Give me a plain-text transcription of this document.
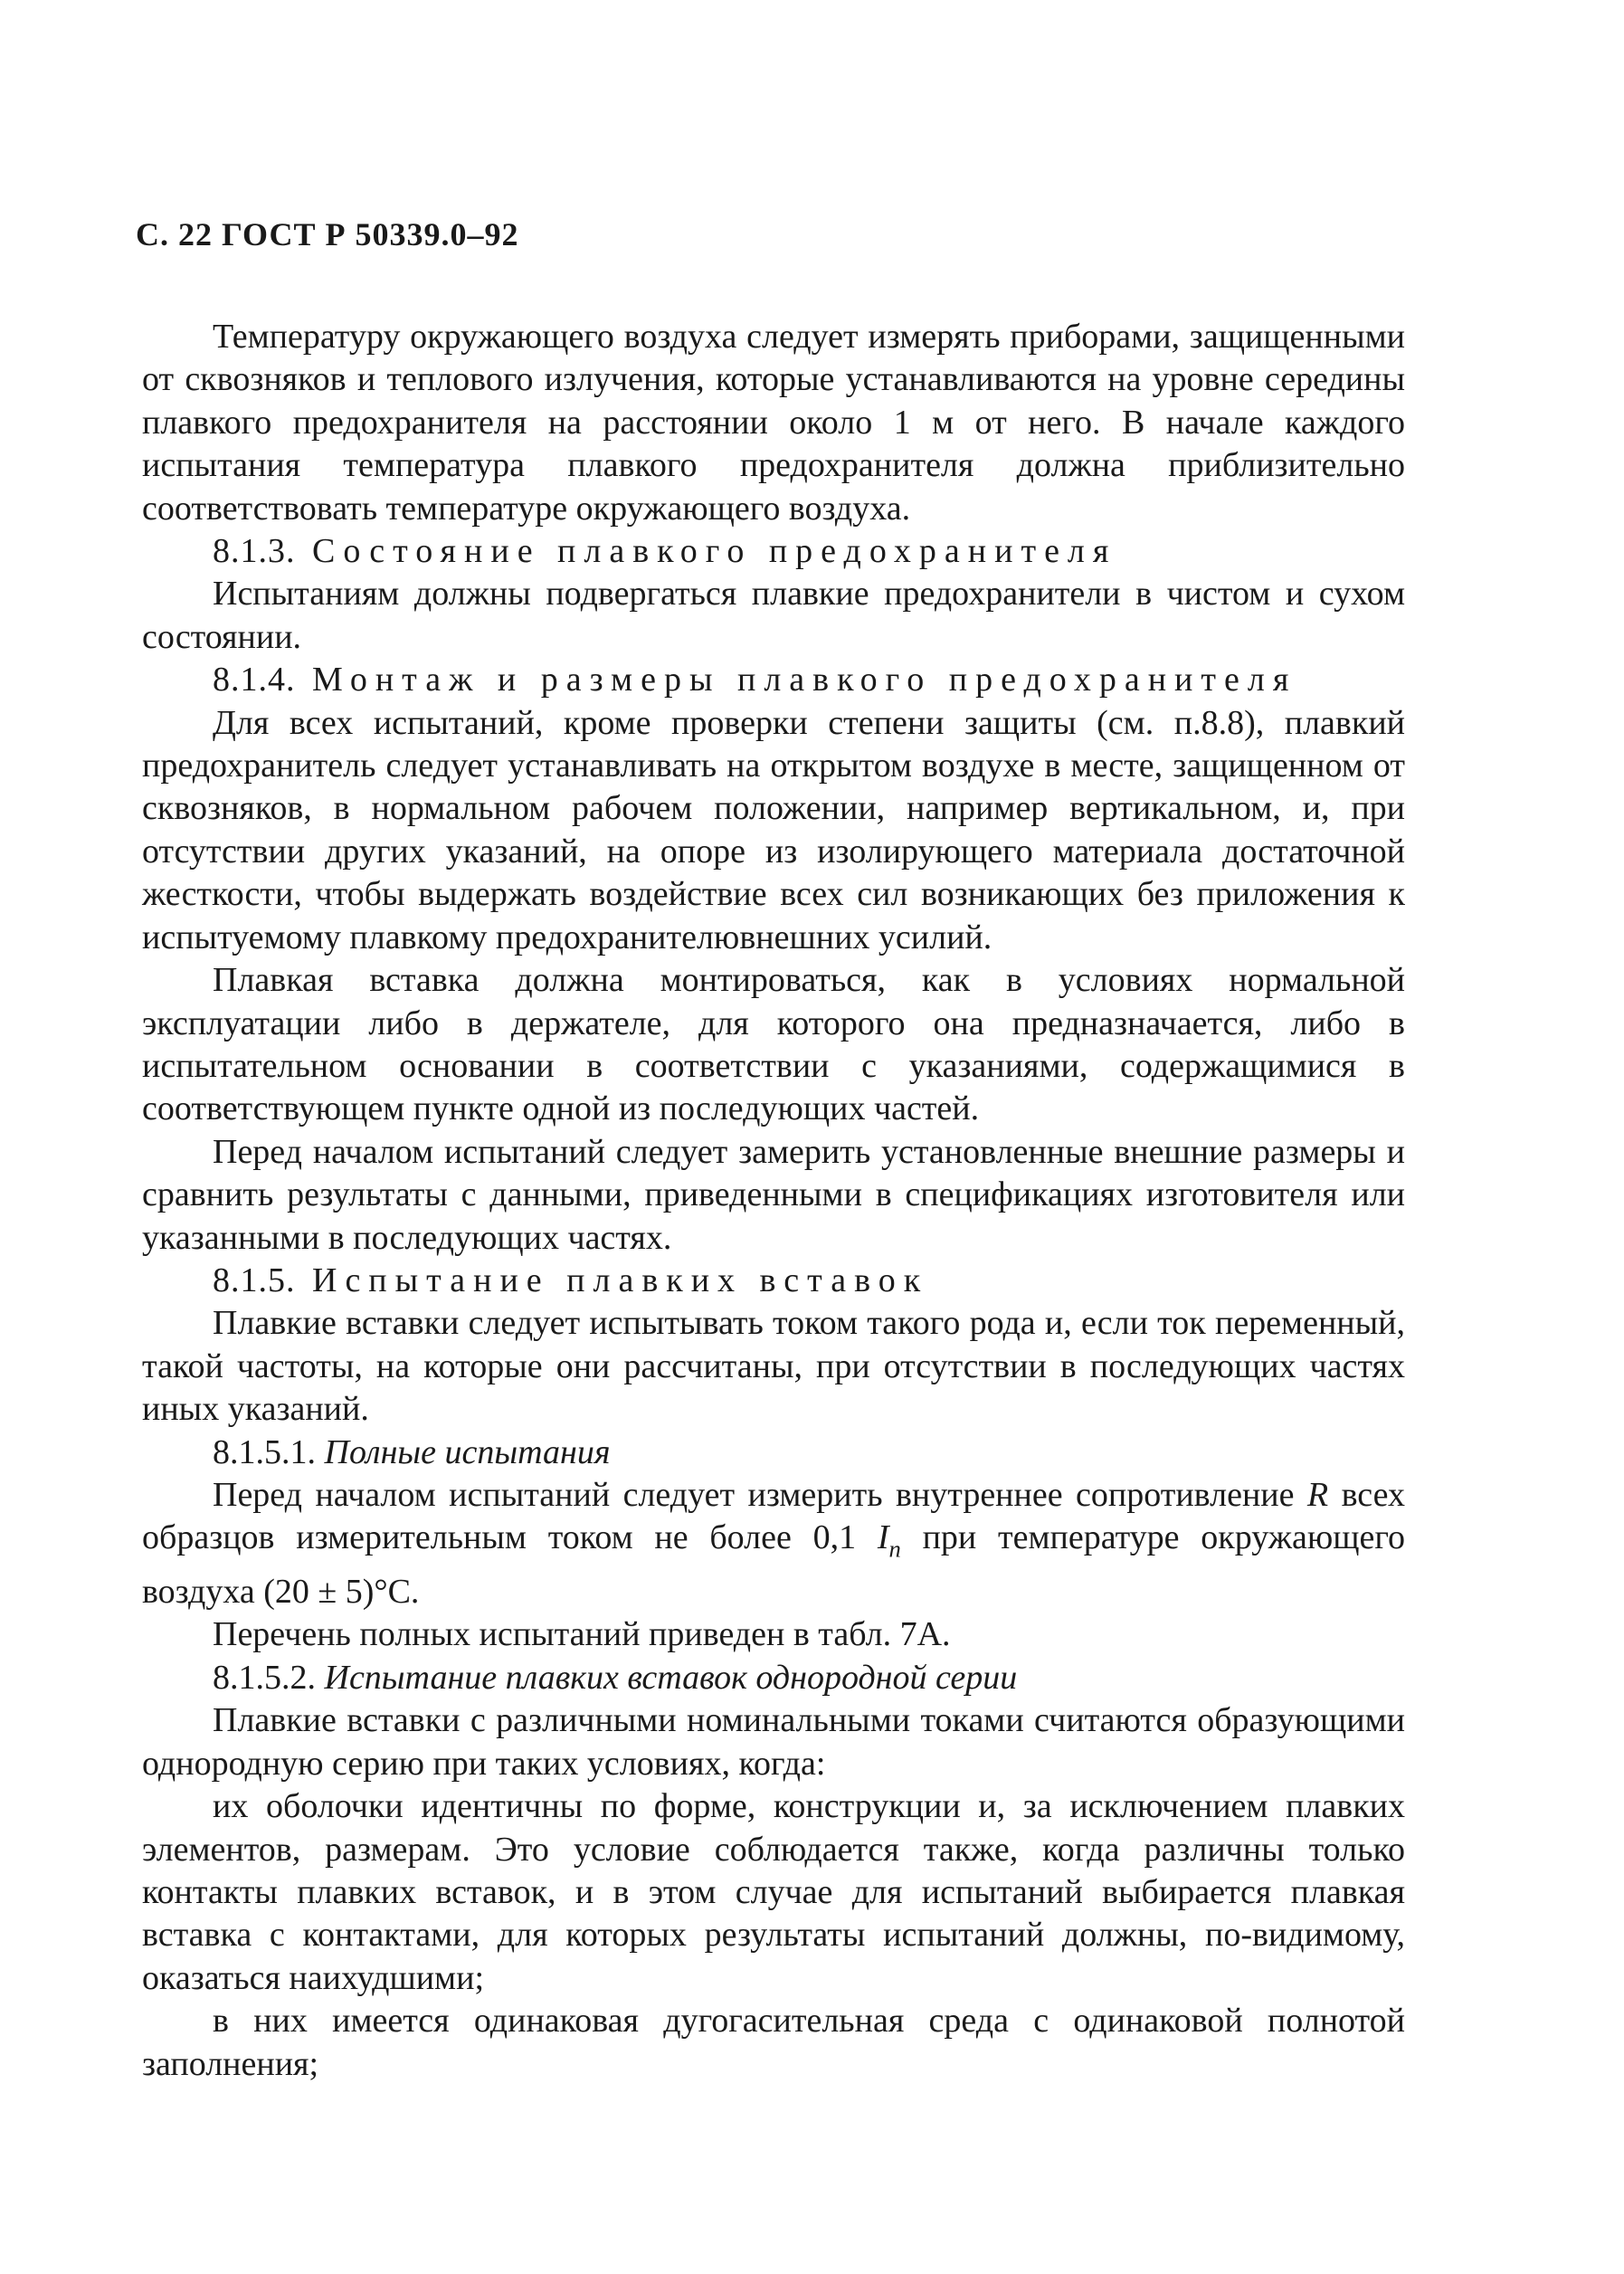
С. 22 ГОСТ Р 50339.0–92

Температуру окружающего воздуха следует измерять приборами, защищенными от сквозняков и теплового излучения, которые устанавливаются на уровне середины плавкого предохранителя на расстоянии около 1 м от него. В начале каждого испытания температура плавкого предохранителя должна приблизительно соответствовать температуре окружающего воздуха.

8.1.3. Состояние плавкого предохранителя

Испытаниям должны подвергаться плавкие предохранители в чистом и сухом состоянии.

8.1.4. Монтаж и размеры плавкого предохранителя

Для всех испытаний, кроме проверки степени защиты (см. п.8.8), плавкий предохранитель следует устанавливать на открытом воздухе в месте, защищенном от сквозняков, в нормальном рабочем положении, например вертикальном, и, при отсутствии других указаний, на опоре из изолирующего материала достаточной жесткости, чтобы выдержать воздействие всех сил возникающих без приложения к испытуемому плавкому предохранителювнешних усилий.

Плавкая вставка должна монтироваться, как в условиях нормальной эксплуатации либо в держателе, для которого она предназначается, либо в испытательном основании в соответствии с указаниями, содержащимися в соответствующем пункте одной из последующих частей.

Перед началом испытаний следует замерить установленные внешние размеры и сравнить результаты с данными, приведенными в спецификациях изготовителя или указанными в последующих частях.

8.1.5. Испытание плавких вставок

Плавкие вставки следует испытывать током такого рода и, если ток переменный, такой частоты, на которые они рассчитаны, при отсутствии в последующих частях иных указаний.

8.1.5.1. Полные испытания

Перед началом испытаний следует измерить внутреннее сопротивление R всех образцов измерительным током не более 0,1 $I_n$ при температуре окружающего воздуха (20 ± 5)°С.

Перечень полных испытаний приведен в табл. 7А.

8.1.5.2. Испытание плавких вставок однородной серии

Плавкие вставки с различными номинальными токами считаются образующими однородную серию при таких условиях, когда:

их оболочки идентичны по форме, конструкции и, за исключением плавких элементов, размерам. Это условие соблюдается также, когда различны только контакты плавких вставок, и в этом случае для испытаний выбирается плавкая вставка с контактами, для которых результаты испытаний должны, по-видимому, оказаться наихудшими;

в них имеется одинаковая дугогасительная среда с одинаковой полнотой заполнения;
